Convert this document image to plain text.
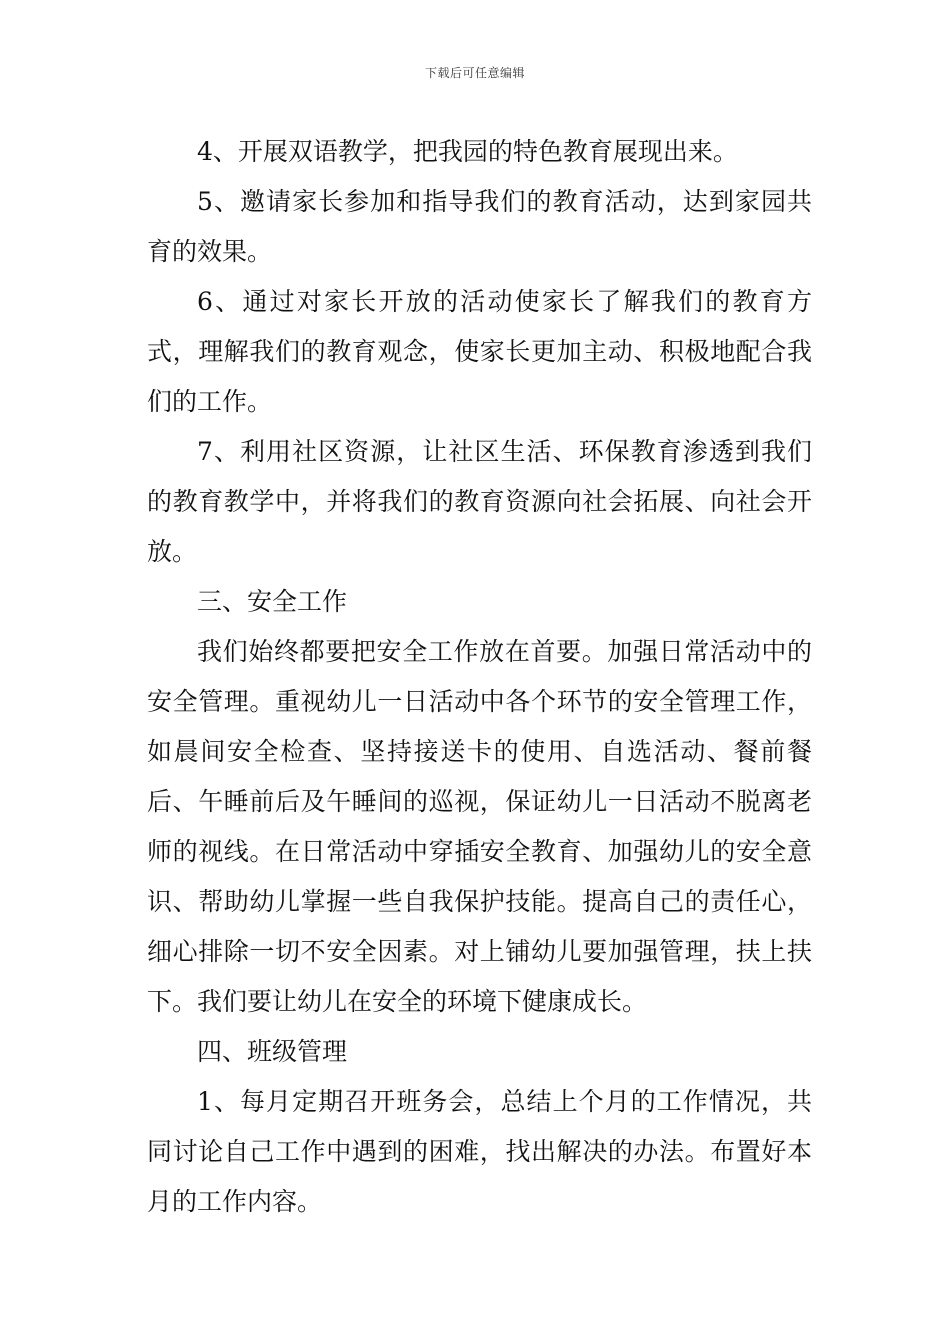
下载后可任意编辑

4、开展双语教学，把我园的特色教育展现出来。

5、邀请家长参加和指导我们的教育活动，达到家园共育的效果。

6、通过对家长开放的活动使家长了解我们的教育方式，理解我们的教育观念，使家长更加主动、积极地配合我们的工作。

7、利用社区资源，让社区生活、环保教育渗透到我们的教育教学中，并将我们的教育资源向社会拓展、向社会开放。

三、安全工作

我们始终都要把安全工作放在首要。加强日常活动中的安全管理。重视幼儿一日活动中各个环节的安全管理工作，如晨间安全检查、坚持接送卡的使用、自选活动、餐前餐后、午睡前后及午睡间的巡视，保证幼儿一日活动不脱离老师的视线。在日常活动中穿插安全教育、加强幼儿的安全意识、帮助幼儿掌握一些自我保护技能。提高自己的责任心，细心排除一切不安全因素。对上铺幼儿要加强管理，扶上扶下。我们要让幼儿在安全的环境下健康成长。

四、班级管理

1、每月定期召开班务会，总结上个月的工作情况，共同讨论自己工作中遇到的困难，找出解决的办法。布置好本月的工作内容。
